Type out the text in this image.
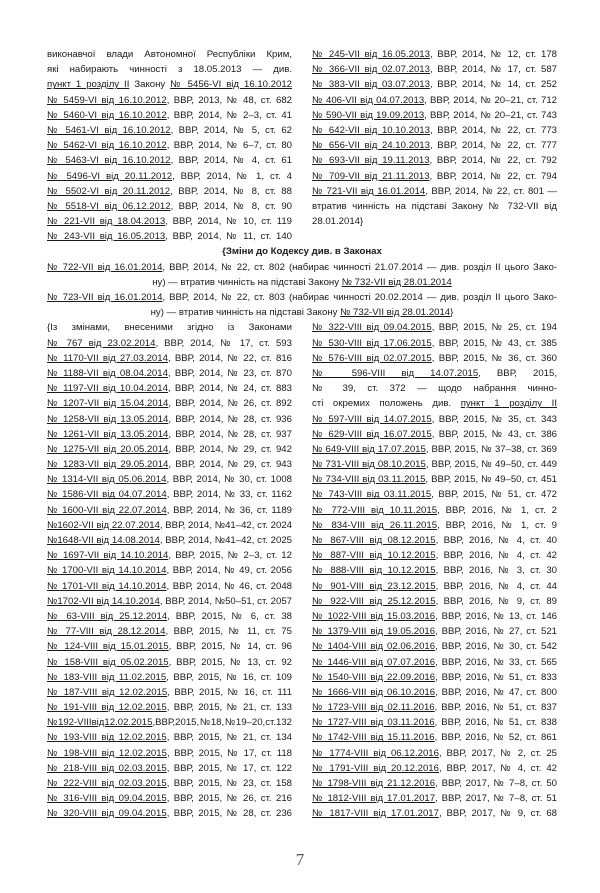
виконавчої влади Автономної Республіки Крим,
які набирають чинності з 18.05.2013 — див.
пункт 1 розділу II Закону № 5456-VI від 16.10.2012
№ 5459-VI від 16.10.2012, ВВР, 2013, № 48, ст. 682
№ 5460-VI від 16.10.2012, ВВР, 2014, № 2–3, ст. 41
№ 5461-VI від 16.10.2012, ВВР, 2014, № 5, ст. 62
№ 5462-VI від 16.10.2012, ВВР, 2014, № 6–7, ст. 80
№ 5463-VI від 16.10.2012, ВВР, 2014, № 4, ст. 61
№ 5496-VI від 20.11.2012, ВВР, 2014, № 1, ст. 4
№ 5502-VI від 20.11.2012, ВВР, 2014, № 8, ст. 88
№ 5518-VI від 06.12.2012, ВВР, 2014, № 8, ст. 90
№ 221-VII від 18.04.2013, ВВР, 2014, № 10, ст. 119
№ 243-VII від 16.05.2013, ВВР, 2014, № 11, ст. 140
№ 245-VII від 16.05.2013, ВВР, 2014, № 12, ст. 178
№ 366-VII від 02.07.2013, ВВР, 2014, № 17, ст. 587
№ 383-VII від 03.07.2013, ВВР, 2014, № 14, ст. 252
№ 406-VII від 04.07.2013, ВВР, 2014, № 20–21, ст. 712
№ 590-VII від 19.09.2013, ВВР, 2014, № 20–21, ст. 743
№ 642-VII від 10.10.2013, ВВР, 2014, № 22, ст. 773
№ 656-VII від 24.10.2013, ВВР, 2014, № 22, ст. 777
№ 693-VII від 19.11.2013, ВВР, 2014, № 22, ст. 792
№ 709-VII від 21.11.2013, ВВР, 2014, № 22, ст. 794
№ 721-VII від 16.01.2014, ВВР, 2014, № 22, ст. 801 —
втратив чинність на підставі Закону № 732-VII від
28.01.2014}
{Зміни до Кодексу див. в Законах
№ 722-VII від 16.01.2014, ВВР, 2014, № 22, ст. 802 (набирає чинності 21.07.2014 — див. розділ II цього Зако-
ну) — втратив чинність на підставі Закону № 732-VII від 28.01.2014
№ 723-VII від 16.01.2014, ВВР, 2014, № 22, ст. 803 (набирає чинності 20.02.2014 — див. розділ II цього Зако-
ну) — втратив чинність на підставі Закону № 732-VII від 28.01.2014}
{Із змінами, внесеними згідно із Законами
№ 767 від 23.02.2014, ВВР, 2014, № 17, ст. 593
№ 1170-VII від 27.03.2014, ВВР, 2014, № 22, ст. 816
№ 1188-VII від 08.04.2014, ВВР, 2014, № 23, ст. 870
№ 1197-VII від 10.04.2014, ВВР, 2014, № 24, ст. 883
№ 1207-VII від 15.04.2014, ВВР, 2014, № 26, ст. 892
№ 1258-VII від 13.05.2014, ВВР, 2014, № 28, ст. 936
№ 1261-VII від 13.05.2014, ВВР, 2014, № 28, ст. 937
№ 1275-VII від 20.05.2014, ВВР, 2014, № 29, ст. 942
№ 1283-VII від 29.05.2014, ВВР, 2014, № 29, ст. 943
№ 1314-VII від 05.06.2014, ВВР, 2014, № 30, ст. 1008
№ 1586-VII від 04.07.2014, ВВР, 2014, № 33, ст. 1162
№ 1600-VII від 22.07.2014, ВВР, 2014, № 36, ст. 1189
№1602-VII від 22.07.2014, ВВР, 2014, №41–42, ст. 2024
№1648-VII від 14.08.2014, ВВР, 2014, №41–42, ст. 2025
№ 1697-VII від 14.10.2014, ВВР, 2015, № 2–3, ст. 12
№ 1700-VII від 14.10.2014, ВВР, 2014, № 49, ст. 2056
№ 1701-VII від 14.10.2014, ВВР, 2014, № 46, ст. 2048
№1702-VII від 14.10.2014, ВВР, 2014, №50–51, ст. 2057
№ 63-VIII від 25.12.2014, ВВР, 2015, № 6, ст. 38
№ 77-VIII від 28.12.2014, ВВР, 2015, № 11, ст. 75
№ 124-VIII від 15.01.2015, ВВР, 2015, № 14, ст. 96
№ 158-VIII від 05.02.2015, ВВР, 2015, № 13, ст. 92
№ 183-VIII від 11.02.2015, ВВР, 2015, № 16, ст. 109
№ 187-VIII від 12.02.2015, ВВР, 2015, № 16, ст. 111
№ 191-VIII від 12.02.2015, ВВР, 2015, № 21, ст. 133
№192-VIIIвід12.02.2015,ВВР,2015,№18,№19–20,ст.132
№ 193-VIII від 12.02.2015, ВВР, 2015, № 21, ст. 134
№ 198-VIII від 12.02.2015, ВВР, 2015, № 17, ст. 118
№ 218-VIII від 02.03.2015, ВВР, 2015, № 17, ст. 122
№ 222-VIII від 02.03.2015, ВВР, 2015, № 23, ст. 158
№ 316-VIII від 09.04.2015, ВВР, 2015, № 26, ст. 216
№ 320-VIII від 09.04.2015, ВВР, 2015, № 28, ст. 236
№ 322-VIII від 09.04.2015, ВВР, 2015, № 25, ст. 194
№ 530-VIII від 17.06.2015, ВВР, 2015, № 43, ст. 385
№ 576-VIII від 02.07.2015, ВВР, 2015, № 36, ст. 360
№ 596-VIII від 14.07.2015, ВВР, 2015,
№ 39, ст. 372 — щодо набрання чинно-
сті окремих положень див. пункт 1 розділу II
№ 597-VIII від 14.07.2015, ВВР, 2015, № 35, ст. 343
№ 629-VIII від 16.07.2015, ВВР, 2015, № 43, ст. 386
№ 649-VIII від 17.07.2015, ВВР, 2015, № 37–38, ст. 369
№ 731-VIII від 08.10.2015, ВВР, 2015, № 49–50, ст. 449
№ 734-VIII від 03.11.2015, ВВР, 2015, № 49–50, ст. 451
№ 743-VIII від 03.11.2015, ВВР, 2015, № 51, ст. 472
№ 772-VIII від 10.11.2015, ВВР, 2016, № 1, ст. 2
№ 834-VIII від 26.11.2015, ВВР, 2016, № 1, ст. 9
№ 867-VIII від 08.12.2015, ВВР, 2016, № 4, ст. 40
№ 887-VIII від 10.12.2015, ВВР, 2016, № 4, ст. 42
№ 888-VIII від 10.12.2015, ВВР, 2016, № 3, ст. 30
№ 901-VIII від 23.12.2015, ВВР, 2016, № 4, ст. 44
№ 922-VIII від 25.12.2015, ВВР, 2016, № 9, ст. 89
№ 1022-VIII від 15.03.2016, ВВР, 2016, № 13, ст. 146
№ 1379-VIII від 19.05.2016, ВВР, 2016, № 27, ст. 521
№ 1404-VIII від 02.06.2016, ВВР, 2016, № 30, ст. 542
№ 1446-VIII від 07.07.2016, ВВР, 2016, № 33, ст. 565
№ 1540-VIII від 22.09.2016, ВВР, 2016, № 51, ст. 833
№ 1666-VIII від 06.10.2016, ВВР, 2016, № 47, ст. 800
№ 1723-VIII від 02.11.2016, ВВР, 2016, № 51, ст. 837
№ 1727-VIII від 03.11.2016, ВВР, 2016, № 51, ст. 838
№ 1742-VIII від 15.11.2016, ВВР, 2016, № 52, ст. 861
№ 1774-VIII від 06.12.2016, ВВР, 2017, № 2, ст. 25
№ 1791-VIII від 20.12.2016, ВВР, 2017, № 4, ст. 42
№ 1798-VIII від 21.12.2016, ВВР, 2017, № 7–8, ст. 50
№ 1812-VIII від 17.01.2017, ВВР, 2017, № 7–8, ст. 51
№ 1817-VIII від 17.01.2017, ВВР, 2017, № 9, ст. 68
7
